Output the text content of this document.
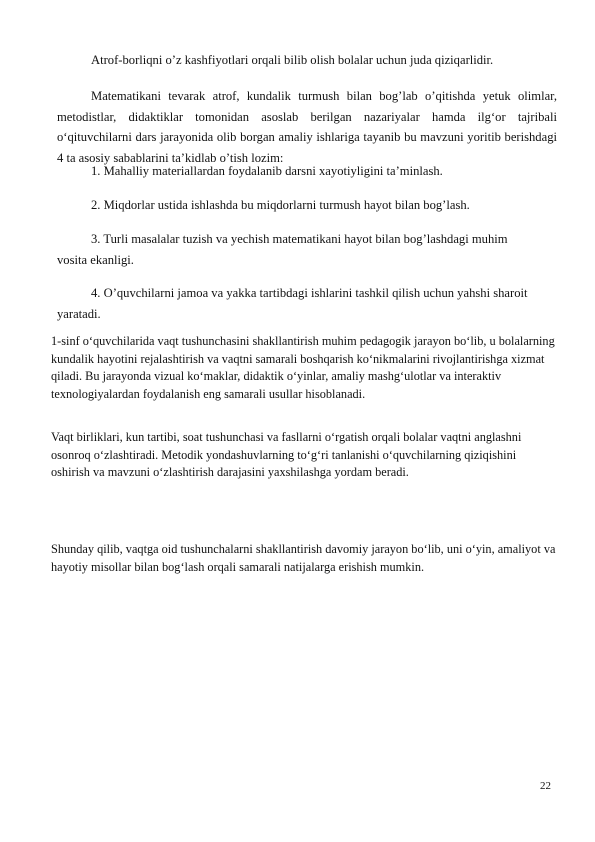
Atrof-borliqni o’z kashfiyotlari orqali bilib olish bolalar uchun juda qiziqarlidir.

Matematikani tevarak atrof, kundalik turmush bilan bog’lab o’qitishda yetuk olimlar, metodistlar, didaktiklar tomonidan asoslab berilgan nazariyalar hamda ilg‘or tajribali o‘qituvchilarni dars jarayonida olib borgan amaliy ishlariga tayanib bu mavzuni yoritib berishdagi 4 ta asosiy sabablarini ta’kidlab o’tish lozim:

1. Mahalliy materiallardan foydalanib darsni xayotiyligini ta’minlash.

2. Miqdorlar ustida ishlashda bu miqdorlarni turmush hayot bilan bog’lash.

3. Turli masalalar tuzish va yechish matematikani hayot bilan bog’lashdagi muhim vosita ekanligi.

4. O’quvchilarni jamoa va yakka tartibdagi ishlarini tashkil qilish uchun yahshi sharoit yaratadi.

1-sinf o‘quvchilarida vaqt tushunchasini shakllantirish muhim pedagogik jarayon bo‘lib, u bolalarning kundalik hayotini rejalashtirish va vaqtni samarali boshqarish ko‘nikmalarini rivojlantirishga xizmat qiladi. Bu jarayonda vizual ko‘maklar, didaktik o‘yinlar, amaliy mashg‘ulotlar va interaktiv texnologiyalardan foydalanish eng samarali usullar hisoblanadi.

Vaqt birliklari, kun tartibi, soat tushunchasi va fasllarni o‘rgatish orqali bolalar vaqtni anglashni osonroq o‘zlashtiradi. Metodik yondashuvlarning to‘g‘ri tanlanishi o‘quvchilarning qiziqishini oshirish va mavzuni o‘zlashtirish darajasini yaxshilashga yordam beradi.

Shunday qilib, vaqtga oid tushunchalarni shakllantirish davomiy jarayon bo‘lib, uni o‘yin, amaliyot va hayotiy misollar bilan bog‘lash orqali samarali natijalarga erishish mumkin.

22
